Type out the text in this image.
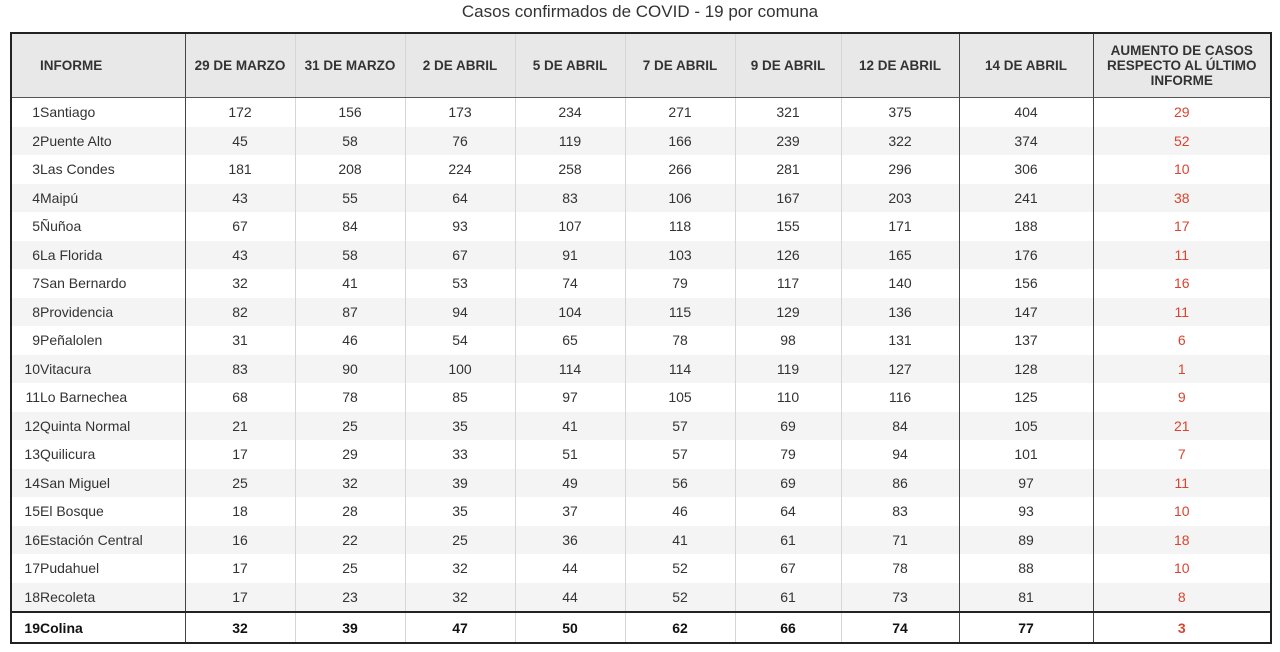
Casos confirmados de COVID - 19 por comuna
	INFORME	29 DE MARZO	31 DE MARZO	2 DE ABRIL	5 DE ABRIL	7 DE ABRIL	9 DE ABRIL	12 DE ABRIL	14 DE ABRIL	AUMENTO DE CASOS RESPECTO AL ÚLTIMO INFORME
1	Santiago	172	156	173	234	271	321	375	404	29
2	Puente Alto	45	58	76	119	166	239	322	374	52
3	Las Condes	181	208	224	258	266	281	296	306	10
4	Maipú	43	55	64	83	106	167	203	241	38
5	Ñuñoa	67	84	93	107	118	155	171	188	17
6	La Florida	43	58	67	91	103	126	165	176	11
7	San Bernardo	32	41	53	74	79	117	140	156	16
8	Providencia	82	87	94	104	115	129	136	147	11
9	Peñalolen	31	46	54	65	78	98	131	137	6
10	Vitacura	83	90	100	114	114	119	127	128	1
11	Lo Barnechea	68	78	85	97	105	110	116	125	9
12	Quinta Normal	21	25	35	41	57	69	84	105	21
13	Quilicura	17	29	33	51	57	79	94	101	7
14	San Miguel	25	32	39	49	56	69	86	97	11
15	El Bosque	18	28	35	37	46	64	83	93	10
16	Estación Central	16	22	25	36	41	61	71	89	18
17	Pudahuel	17	25	32	44	52	67	78	88	10
18	Recoleta	17	23	32	44	52	61	73	81	8
19	Colina	32	39	47	50	62	66	74	77	3
